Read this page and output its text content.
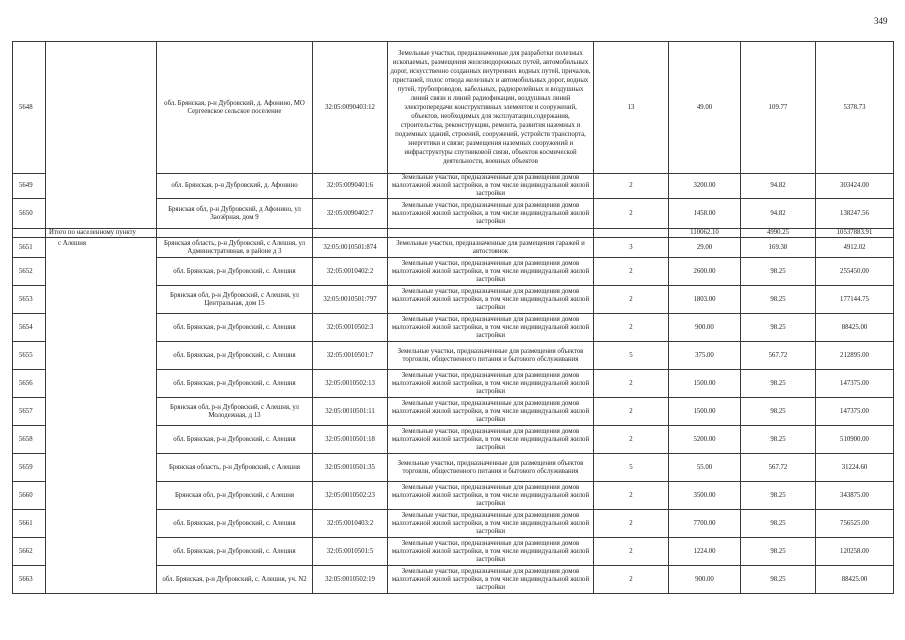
349
5648		обл. Брянская, р-н Дубровский, д. Афонино, МО Сергеевское сельское поселение	32:05:0090403:12	Земельные участки, предназначенные для разработки полезных ископаемых, размещения железнодорожных путей, автомобильных дорог, искусственно созданных внутренних водных путей, причалов, пристаней, полос отвода железных и автомобильных дорог, водных путей, трубопроводов, кабельных, радиорелейных и воздушных линий связи и линий радиофикации, воздушных линий электропередачи конструктивных элементов и сооружений, объектов, необходимых для эксплуатации,содержания, строительства, реконструкции, ремонта, развития наземных и подземных зданий, строений, сооружений, устройств транспорта, энергетики и связи; размещения наземных сооружений и инфраструктуры спутниковой связи, объектов космической деятельности, военных объектов	13	49.00	109.77	5378.73
5649		обл. Брянская, р-н Дубровский, д. Афонино	32:05:0090401:6	Земельные участки, предназначенные для размещения домов малоэтажной жилой застройки, в том числе индивидуальной жилой застройки	2	3200.00	94.82	303424.00
5650		Брянская обл, р-н Дубровский, д Афонино, ул Заозёрная, дом 9	32:05:0090402:7	Земельные участки, предназначенные для размещения домов малоэтажной жилой застройки, в том числе индивидуальной жилой застройки	2	1458.00	94.82	138247.56
	Итого по населенному пункту					110062.10	4990.25	10537883.91
5651	с Алешня	Брянская область, р-н Дубровский, с Алешня, ул Административная, в районе д 3	32:05:0010501:874	Земельные участки, предназначенные для размещения гаражей и автостоянок	3	29.00	169.38	4912.02
5652		обл. Брянская, р-н Дубровский, с. Алешня	32:05:0010402:2	Земельные участки, предназначенные для размещения домов малоэтажной жилой застройки, в том числе индивидуальной жилой застройки	2	2600.00	98.25	255450.00
5653		Брянская обл, р-н Дубровский, с Алешня, ул Центральная, дом 15	32:05:0010501:797	Земельные участки, предназначенные для размещения домов малоэтажной жилой застройки, в том числе индивидуальной жилой застройки	2	1803.00	98.25	177144.75
5654		обл. Брянская, р-н Дубровский, с. Алешня	32:05:0010502:3	Земельные участки, предназначенные для размещения домов малоэтажной жилой застройки, в том числе индивидуальной жилой застройки	2	900.00	98.25	88425.00
5655		обл. Брянская, р-н Дубровский, с. Алешня	32:05:0010501:7	Земельные участки, предназначенные для размещения объектов торговли, общественного питания и бытового обслуживания	5	375.00	567.72	212895.00
5656		обл. Брянская, р-н Дубровский, с. Алешня	32:05:0010502:13	Земельные участки, предназначенные для размещения домов малоэтажной жилой застройки, в том числе индивидуальной жилой застройки	2	1500.00	98.25	147375.00
5657		Брянская обл, р-н Дубровский, с Алешня, ул Молодежная, д 13	32:05:0010501:11	Земельные участки, предназначенные для размещения домов малоэтажной жилой застройки, в том числе индивидуальной жилой застройки	2	1500.00	98.25	147375.00
5658		обл. Брянская, р-н Дубровский, с. Алешня	32:05:0010501:18	Земельные участки, предназначенные для размещения домов малоэтажной жилой застройки, в том числе индивидуальной жилой застройки	2	5200.00	98.25	510900.00
5659		Брянская область, р-н Дубровский, с Алешня	32:05:0010501:35	Земельные участки, предназначенные для размещения объектов торговли, общественного питания и бытового обслуживания	5	55.00	567.72	31224.60
5660		Брянская обл, р-н Дубровский, с Алешня	32:05:0010502:23	Земельные участки, предназначенные для размещения домов малоэтажной жилой застройки, в том числе индивидуальной жилой застройки	2	3500.00	98.25	343875.00
5661		обл. Брянская, р-н Дубровский, с. Алешня	32:05:0010403:2	Земельные участки, предназначенные для размещения домов малоэтажной жилой застройки, в том числе индивидуальной жилой застройки	2	7700.00	98.25	756525.00
5662		обл. Брянская, р-н Дубровский, с. Алешня	32:05:0010501:5	Земельные участки, предназначенные для размещения домов малоэтажной жилой застройки, в том числе индивидуальной жилой застройки	2	1224.00	98.25	120258.00
5663		обл. Брянская, р-н Дубровский, с. Алешня, уч. N2	32:05:0010502:19	Земельные участки, предназначенные для размещения домов малоэтажной жилой застройки, в том числе индивидуальной жилой застройки	2	900.00	98.25	88425.00
